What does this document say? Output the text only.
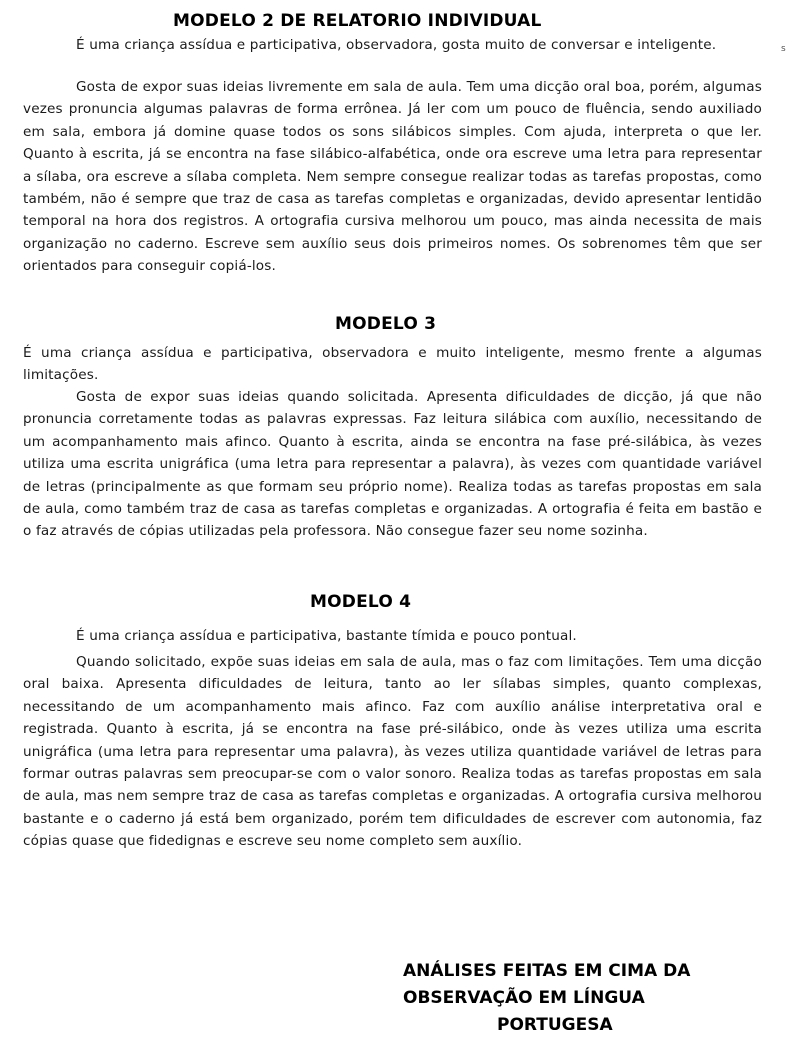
MODELO 2 DE RELATORIO INDIVIDUAL

É uma criança assídua e participativa, observadora, gosta muito de conversar e inteligente.	s

Gosta de expor suas ideias livremente em sala de aula. Tem uma dicção oral boa, porém, algumas vezes pronuncia algumas palavras de forma errônea. Já ler com um pouco de fluência, sendo auxiliado em sala, embora já domine quase todos os sons silábicos simples. Com ajuda, interpreta o que ler. Quanto à escrita, já se encontra na fase silábico-alfabética, onde ora escreve uma letra para representar a sílaba, ora escreve a sílaba completa. Nem sempre consegue realizar todas as tarefas propostas, como também, não é sempre que traz de casa as tarefas completas e organizadas, devido apresentar lentidão temporal na hora dos registros. A ortografia cursiva melhorou um pouco, mas ainda necessita de mais organização no caderno. Escreve sem auxílio seus dois primeiros nomes. Os sobrenomes têm que ser orientados para conseguir copiá-los.

MODELO 3

É uma criança assídua e participativa, observadora e muito inteligente, mesmo frente a algumas limitações.

Gosta de expor suas ideias quando solicitada. Apresenta dificuldades de dicção, já que não pronuncia corretamente todas as palavras expressas. Faz leitura silábica com auxílio, necessitando de um acompanhamento mais afinco. Quanto à escrita, ainda se encontra na fase pré-silábica, às vezes utiliza uma escrita unigráfica (uma letra para representar a palavra), às vezes com quantidade variável de letras (principalmente as que formam seu próprio nome). Realiza todas as tarefas propostas em sala de aula, como também traz de casa as tarefas completas e organizadas. A ortografia é feita em bastão e o faz através de cópias utilizadas pela professora. Não consegue fazer seu nome sozinha.

MODELO 4

É uma criança assídua e participativa, bastante tímida e pouco pontual.

Quando solicitado, expõe suas ideias em sala de aula, mas o faz com limitações. Tem uma dicção oral baixa. Apresenta dificuldades de leitura, tanto ao ler sílabas simples, quanto complexas, necessitando de um acompanhamento mais afinco. Faz com auxílio análise interpretativa oral e registrada. Quanto à escrita, já se encontra na fase pré-silábico, onde às vezes utiliza uma escrita unigráfica (uma letra para representar uma palavra), às vezes utiliza quantidade variável de letras para formar outras palavras sem preocupar-se com o valor sonoro. Realiza todas as tarefas propostas em sala de aula, mas nem sempre traz de casa as tarefas completas e organizadas. A ortografia cursiva melhorou bastante e o caderno já está bem organizado, porém tem dificuldades de escrever com autonomia, faz cópias quase que fidedignas e escreve seu nome completo sem auxílio.

ANÁLISES FEITAS EM CIMA DA
OBSERVAÇÃO EM LÍNGUA
PORTUGESA
